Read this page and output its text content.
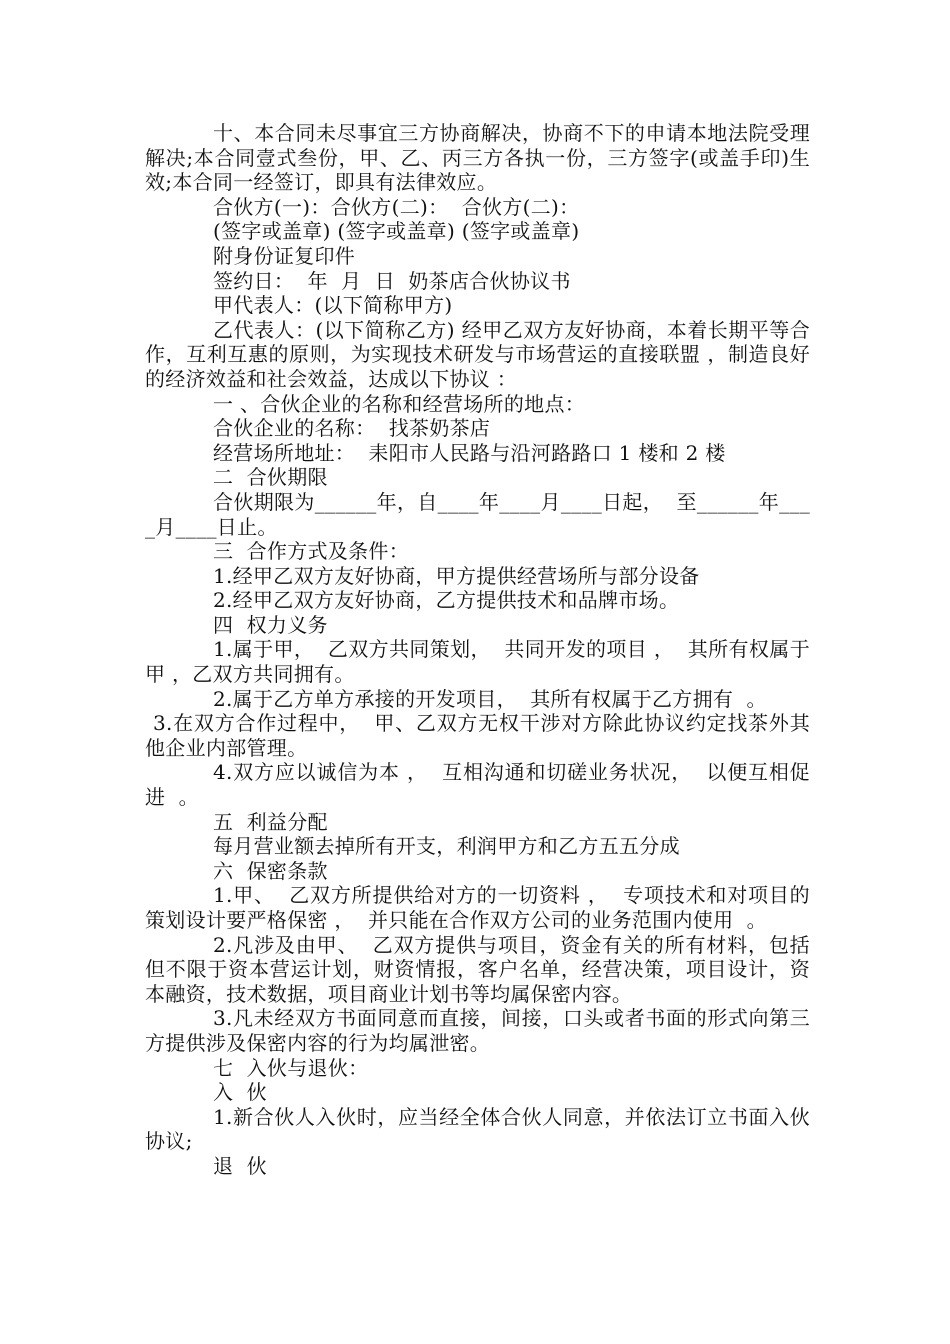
十、本合同未尽事宜三方协商解决，协商不下的申请本地法院受理解决;本合同壹式叁份，甲、乙、丙三方各执一份，三方签字(或盖手印)生效;本合同一经签订，即具有法律效应。

合伙方(一)：合伙方(二)：  合伙方(二)：

(签字或盖章) (签字或盖章) (签字或盖章)

附身份证复印件

签约日：  年  月  日  奶茶店合伙协议书

甲代表人：(以下简称甲方)

乙代表人：(以下简称乙方) 经甲乙双方友好协商，本着长期平等合作，互利互惠的原则，为实现技术研发与市场营运的直接联盟 ，制造良好的经济效益和社会效益，达成以下协议 ：

一 、合伙企业的名称和经营场所的地点：

合伙企业的名称：  找茶奶茶店

经营场所地址：  耒阳市人民路与沿河路路口 1 楼和 2 楼

二  合伙期限

合伙期限为______年，自____年____月____日起，  至______年____月____日止。

三  合作方式及条件：

1.经甲乙双方友好协商，甲方提供经营场所与部分设备

2.经甲乙双方友好协商，乙方提供技术和品牌市场。

四  权力义务

1.属于甲，  乙双方共同策划，  共同开发的项目 ，  其所有权属于甲 ，乙双方共同拥有。

2.属于乙方单方承接的开发项目，  其所有权属于乙方拥有  。

3.在双方合作过程中，  甲、乙双方无权干涉对方除此协议约定找茶外其他企业内部管理。

4.双方应以诚信为本 ，  互相沟通和切磋业务状况，  以便互相促进  。

五  利益分配

每月营业额去掉所有开支，利润甲方和乙方五五分成

六  保密条款

1.甲、  乙双方所提供给对方的一切资料 ，  专项技术和对项目的策划设计要严格保密 ，  并只能在合作双方公司的业务范围内使用  。

2.凡涉及由甲、  乙双方提供与项目，资金有关的所有材料，包括但不限于资本营运计划，财资情报，客户名单，经营决策，项目设计，资本融资，技术数据，项目商业计划书等均属保密内容。

3.凡未经双方书面同意而直接，间接，口头或者书面的形式向第三方提供涉及保密内容的行为均属泄密。

七  入伙与退伙：

入  伙

1.新合伙人入伙时，应当经全体合伙人同意，并依法订立书面入伙协议;

退  伙
